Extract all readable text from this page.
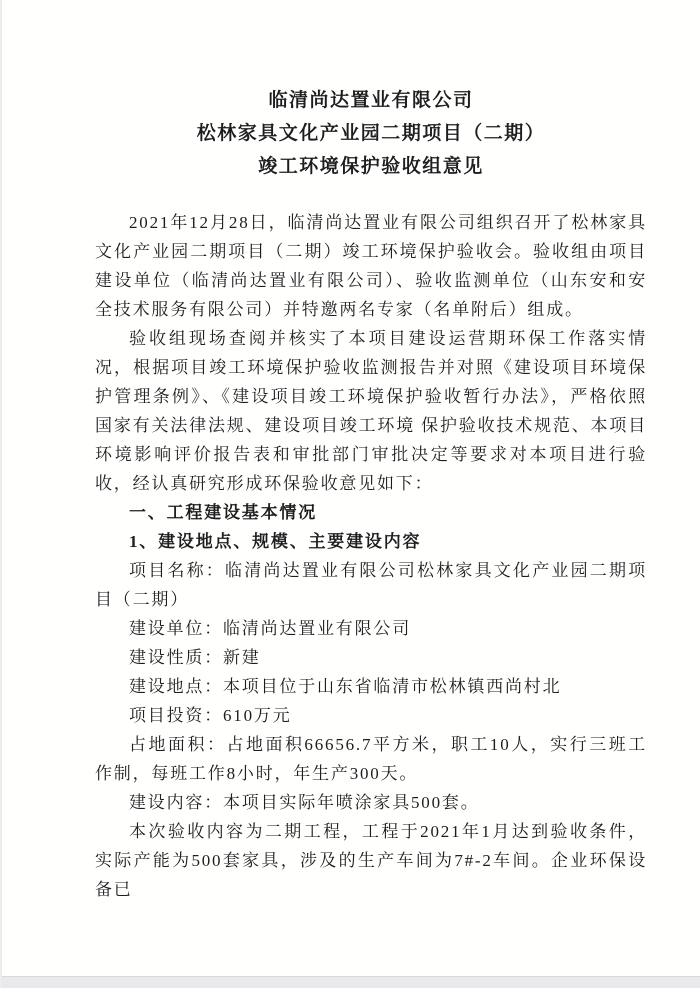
临清尚达置业有限公司
松林家具文化产业园二期项目（二期）
竣工环境保护验收组意见

2021年12月28日，临清尚达置业有限公司组织召开了松林家具文化产业园二期项目（二期）竣工环境保护验收会。验收组由项目建设单位（临清尚达置业有限公司）、验收监测单位（山东安和安全技术服务有限公司）并特邀两名专家（名单附后）组成。

验收组现场查阅并核实了本项目建设运营期环保工作落实情况，根据项目竣工环境保护验收监测报告并对照《建设项目环境保护管理条例》、《建设项目竣工环境保护验收暂行办法》，严格依照国家有关法律法规、建设项目竣工环境 保护验收技术规范、本项目环境影响评价报告表和审批部门审批决定等要求对本项目进行验收，经认真研究形成环保验收意见如下：

一、工程建设基本情况

1、建设地点、规模、主要建设内容

项目名称：临清尚达置业有限公司松林家具文化产业园二期项目（二期）

建设单位：临清尚达置业有限公司

建设性质：新建

建设地点：本项目位于山东省临清市松林镇西尚村北

项目投资：610万元

占地面积：占地面积66656.7平方米，职工10人，实行三班工作制，每班工作8小时，年生产300天。

建设内容：本项目实际年喷涂家具500套。

本次验收内容为二期工程，工程于2021年1月达到验收条件，实际产能为500套家具，涉及的生产车间为7#-2车间。企业环保设备已
